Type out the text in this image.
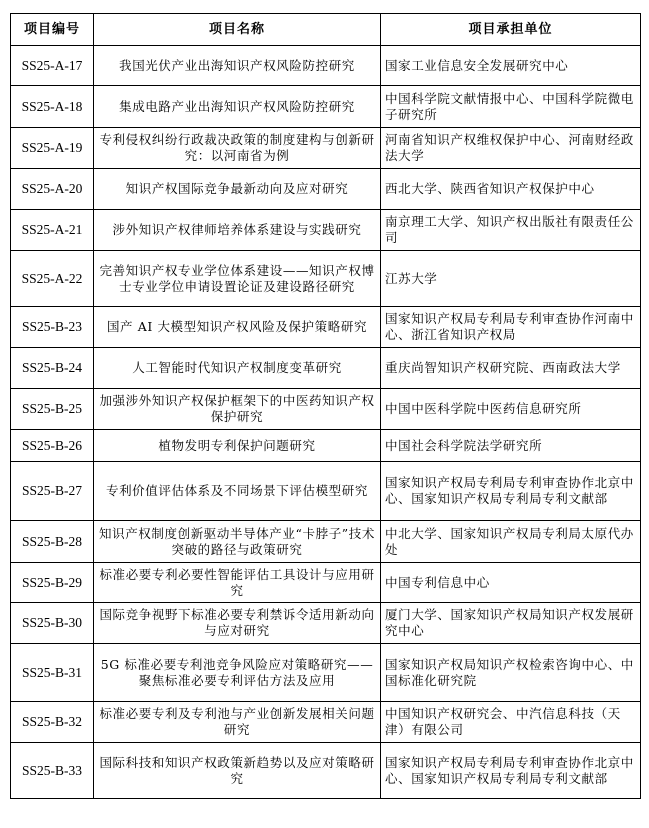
项目编号	项目名称	项目承担单位
SS25-A-17	我国光伏产业出海知识产权风险防控研究	国家工业信息安全发展研究中心
SS25-A-18	集成电路产业出海知识产权风险防控研究	中国科学院文献情报中心、中国科学院微电子研究所
SS25-A-19	专利侵权纠纷行政裁决政策的制度建构与创新研究：以河南省为例	河南省知识产权维权保护中心、河南财经政法大学
SS25-A-20	知识产权国际竞争最新动向及应对研究	西北大学、陕西省知识产权保护中心
SS25-A-21	涉外知识产权律师培养体系建设与实践研究	南京理工大学、知识产权出版社有限责任公司
SS25-A-22	完善知识产权专业学位体系建设——知识产权博士专业学位申请设置论证及建设路径研究	江苏大学
SS25-B-23	国产 AI 大模型知识产权风险及保护策略研究	国家知识产权局专利局专利审查协作河南中心、浙江省知识产权局
SS25-B-24	人工智能时代知识产权制度变革研究	重庆尚智知识产权研究院、西南政法大学
SS25-B-25	加强涉外知识产权保护框架下的中医药知识产权保护研究	中国中医科学院中医药信息研究所
SS25-B-26	植物发明专利保护问题研究	中国社会科学院法学研究所
SS25-B-27	专利价值评估体系及不同场景下评估模型研究	国家知识产权局专利局专利审查协作北京中心、国家知识产权局专利局专利文献部
SS25-B-28	知识产权制度创新驱动半导体产业“卡脖子”技术突破的路径与政策研究	中北大学、国家知识产权局专利局太原代办处
SS25-B-29	标准必要专利必要性智能评估工具设计与应用研究	中国专利信息中心
SS25-B-30	国际竞争视野下标准必要专利禁诉令适用新动向与应对研究	厦门大学、国家知识产权局知识产权发展研究中心
SS25-B-31	5G 标准必要专利池竞争风险应对策略研究——聚焦标准必要专利评估方法及应用	国家知识产权局知识产权检索咨询中心、中国标准化研究院
SS25-B-32	标准必要专利及专利池与产业创新发展相关问题研究	中国知识产权研究会、中汽信息科技（天津）有限公司
SS25-B-33	国际科技和知识产权政策新趋势以及应对策略研究	国家知识产权局专利局专利审查协作北京中心、国家知识产权局专利局专利文献部
